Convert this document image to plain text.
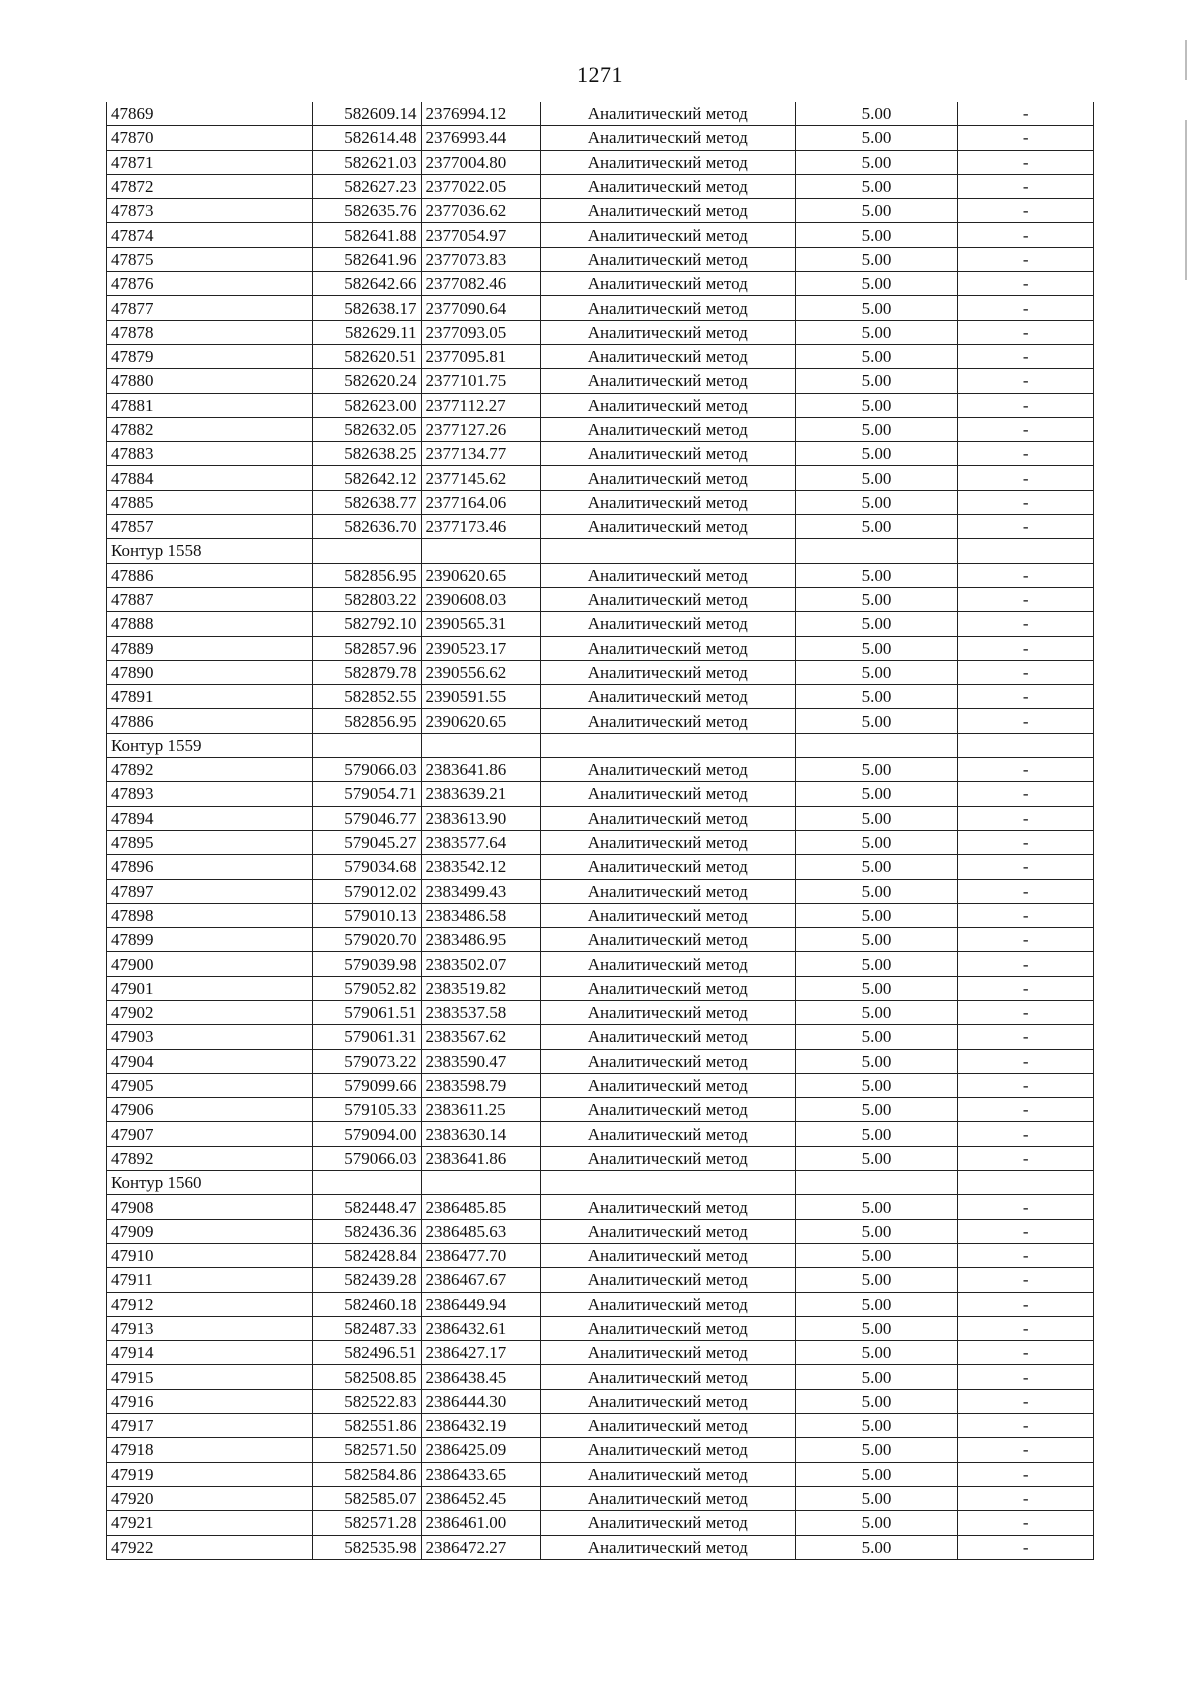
1271
47869	582609.14	2376994.12	Аналитический метод	5.00	-
47870	582614.48	2376993.44	Аналитический метод	5.00	-
47871	582621.03	2377004.80	Аналитический метод	5.00	-
47872	582627.23	2377022.05	Аналитический метод	5.00	-
47873	582635.76	2377036.62	Аналитический метод	5.00	-
47874	582641.88	2377054.97	Аналитический метод	5.00	-
47875	582641.96	2377073.83	Аналитический метод	5.00	-
47876	582642.66	2377082.46	Аналитический метод	5.00	-
47877	582638.17	2377090.64	Аналитический метод	5.00	-
47878	582629.11	2377093.05	Аналитический метод	5.00	-
47879	582620.51	2377095.81	Аналитический метод	5.00	-
47880	582620.24	2377101.75	Аналитический метод	5.00	-
47881	582623.00	2377112.27	Аналитический метод	5.00	-
47882	582632.05	2377127.26	Аналитический метод	5.00	-
47883	582638.25	2377134.77	Аналитический метод	5.00	-
47884	582642.12	2377145.62	Аналитический метод	5.00	-
47885	582638.77	2377164.06	Аналитический метод	5.00	-
47857	582636.70	2377173.46	Аналитический метод	5.00	-
Контур 1558					
47886	582856.95	2390620.65	Аналитический метод	5.00	-
47887	582803.22	2390608.03	Аналитический метод	5.00	-
47888	582792.10	2390565.31	Аналитический метод	5.00	-
47889	582857.96	2390523.17	Аналитический метод	5.00	-
47890	582879.78	2390556.62	Аналитический метод	5.00	-
47891	582852.55	2390591.55	Аналитический метод	5.00	-
47886	582856.95	2390620.65	Аналитический метод	5.00	-
Контур 1559					
47892	579066.03	2383641.86	Аналитический метод	5.00	-
47893	579054.71	2383639.21	Аналитический метод	5.00	-
47894	579046.77	2383613.90	Аналитический метод	5.00	-
47895	579045.27	2383577.64	Аналитический метод	5.00	-
47896	579034.68	2383542.12	Аналитический метод	5.00	-
47897	579012.02	2383499.43	Аналитический метод	5.00	-
47898	579010.13	2383486.58	Аналитический метод	5.00	-
47899	579020.70	2383486.95	Аналитический метод	5.00	-
47900	579039.98	2383502.07	Аналитический метод	5.00	-
47901	579052.82	2383519.82	Аналитический метод	5.00	-
47902	579061.51	2383537.58	Аналитический метод	5.00	-
47903	579061.31	2383567.62	Аналитический метод	5.00	-
47904	579073.22	2383590.47	Аналитический метод	5.00	-
47905	579099.66	2383598.79	Аналитический метод	5.00	-
47906	579105.33	2383611.25	Аналитический метод	5.00	-
47907	579094.00	2383630.14	Аналитический метод	5.00	-
47892	579066.03	2383641.86	Аналитический метод	5.00	-
Контур 1560					
47908	582448.47	2386485.85	Аналитический метод	5.00	-
47909	582436.36	2386485.63	Аналитический метод	5.00	-
47910	582428.84	2386477.70	Аналитический метод	5.00	-
47911	582439.28	2386467.67	Аналитический метод	5.00	-
47912	582460.18	2386449.94	Аналитический метод	5.00	-
47913	582487.33	2386432.61	Аналитический метод	5.00	-
47914	582496.51	2386427.17	Аналитический метод	5.00	-
47915	582508.85	2386438.45	Аналитический метод	5.00	-
47916	582522.83	2386444.30	Аналитический метод	5.00	-
47917	582551.86	2386432.19	Аналитический метод	5.00	-
47918	582571.50	2386425.09	Аналитический метод	5.00	-
47919	582584.86	2386433.65	Аналитический метод	5.00	-
47920	582585.07	2386452.45	Аналитический метод	5.00	-
47921	582571.28	2386461.00	Аналитический метод	5.00	-
47922	582535.98	2386472.27	Аналитический метод	5.00	-
